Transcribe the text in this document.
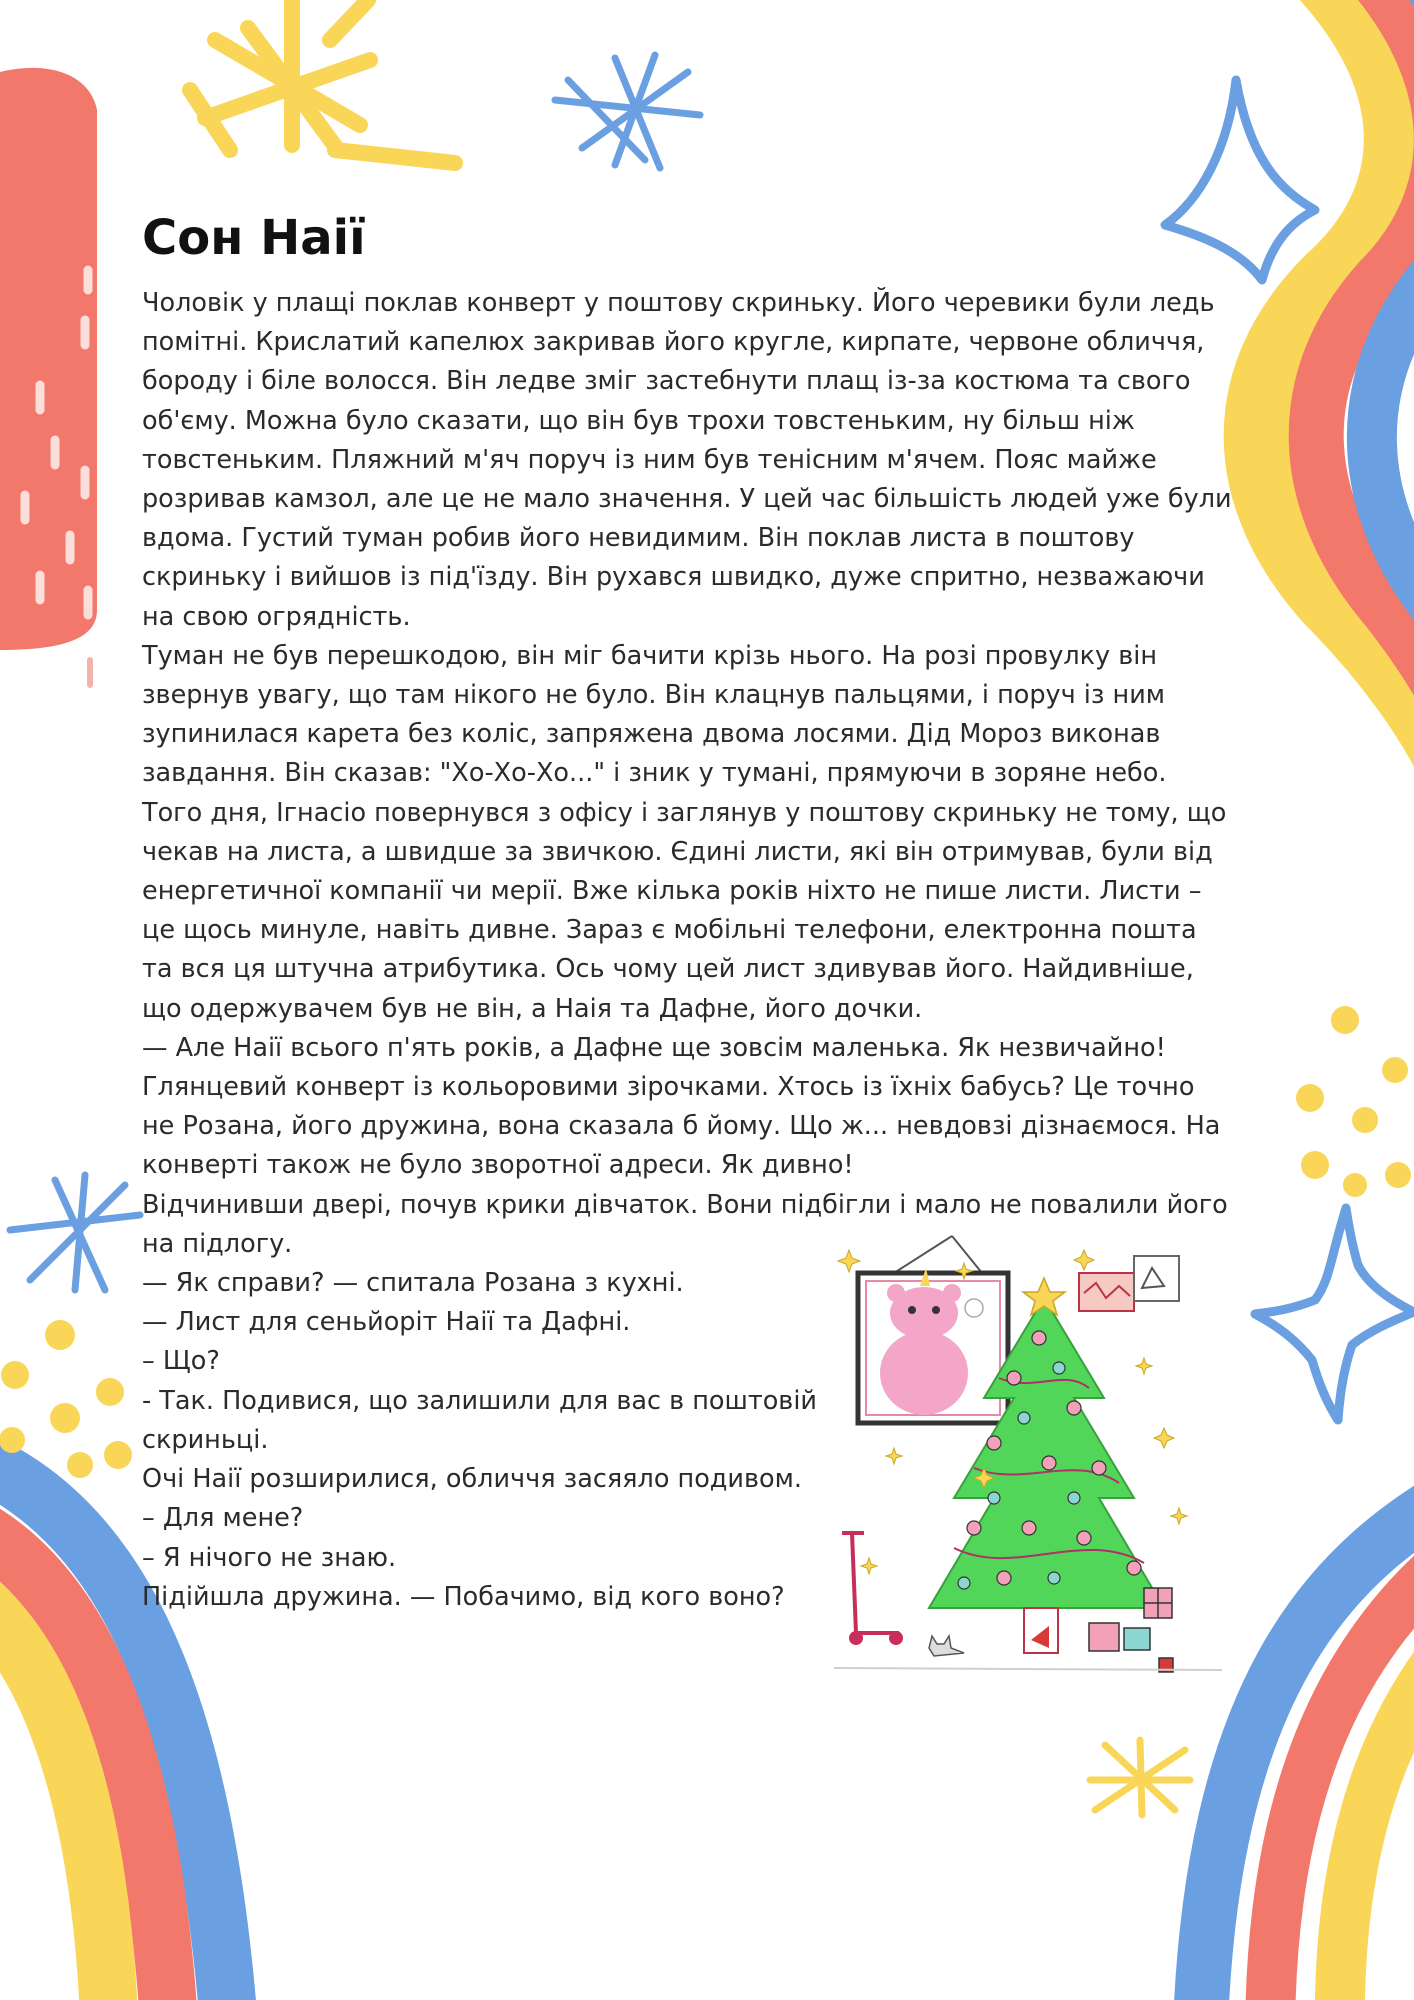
Сон Наії

Чоловік у плащі поклав конверт у поштову скриньку. Його черевики були ледь помітні. Крислатий капелюх закривав його кругле, кирпате, червоне обличчя, бороду і біле волосся. Він ледве зміг застебнути плащ із-за костюма та свого об'єму. Можна було сказати, що він був трохи товстеньким, ну більш ніж товстеньким. Пляжний м'яч поруч із ним був тенісним м'ячем. Пояс майже розривав камзол, але це не мало значення. У цей час більшість людей уже були вдома. Густий туман робив його невидимим. Він поклав листа в поштову скриньку і вийшов із під'їзду. Він рухався швидко, дуже спритно, незважаючи на свою огрядність.

Туман не був перешкодою, він міг бачити крізь нього. На розі провулку він звернув увагу, що там нікого не було. Він клацнув пальцями, і поруч із ним зупинилася карета без коліс, запряжена двома лосями. Дід Мороз виконав завдання. Він сказав: "Хо-Хо-Хо..." і зник у тумані, прямуючи в зоряне небо.

Того дня, Ігнасіо повернувся з офісу і заглянув у поштову скриньку не тому, що чекав на листа, а швидше за звичкою. Єдині листи, які він отримував, були від енергетичної компанії чи мерії. Вже кілька років ніхто не пише листи. Листи – це щось минуле, навіть дивне. Зараз є мобільні телефони, електронна пошта та вся ця штучна атрибутика. Ось чому цей лист здивував його. Найдивніше, що одержувачем був не він, а Наія та Дафне, його дочки.

— Але Наії всього п'ять років, а Дафне ще зовсім маленька. Як незвичайно! Глянцевий конверт із кольоровими зірочками. Хтось із їхніх бабусь? Це точно не Розана, його дружина, вона сказала б йому. Що ж... невдовзі дізнаємося. На конверті також не було зворотної адреси. Як дивно!

Відчинивши двері, почув крики дівчаток. Вони підбігли і мало не повалили його на підлогу.

— Як справи? — спитала Розана з кухні.

— Лист для сеньйоріт Наії та Дафні.

– Що?

- Так. Подивися, що залишили для вас в поштовій скриньці.

Очі Наії розширилися, обличчя засяяло подивом.

– Для мене?

– Я нічого не знаю.

Підійшла дружина. — Побачимо, від кого воно?
